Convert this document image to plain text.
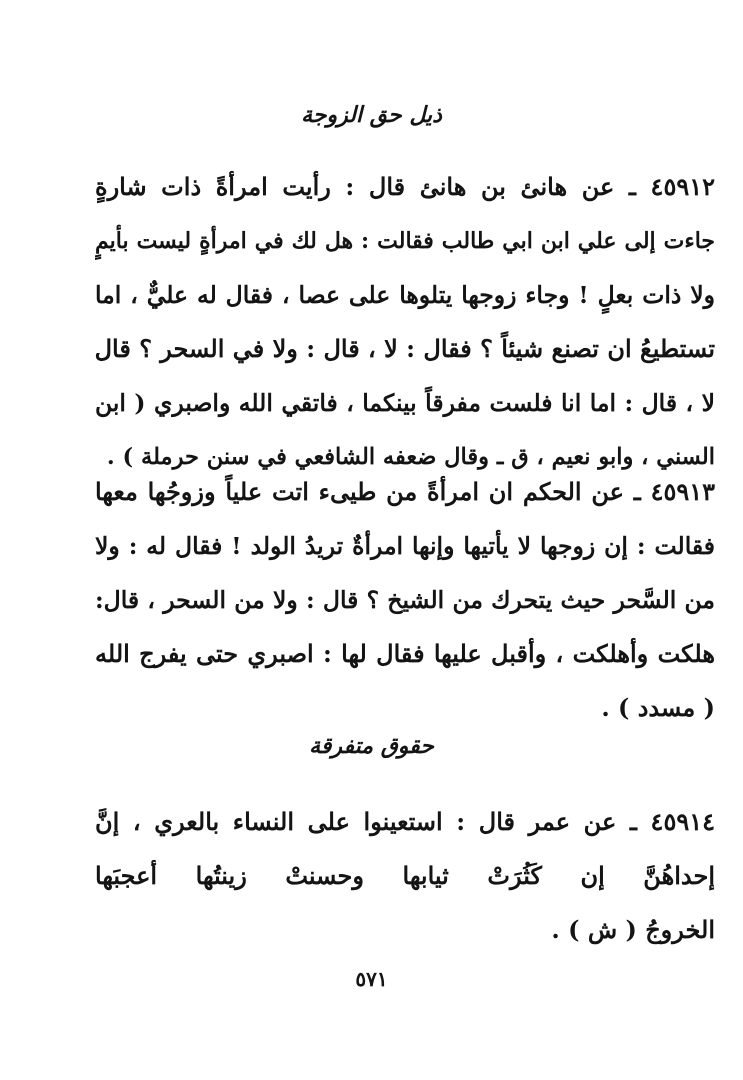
ذيل حق الزوجة
٤٥٩١٢ ـ عن هانئ بن هانئ قال : رأيت امرأةً ذات شارةٍ
جاءت إلى علي ابن ابي طالب فقالت : هل لك في امرأةٍ ليست بأيمٍ
ولا ذات بعلٍ ! وجاء زوجها يتلوها على عصا ، فقال له عليٌّ ، اما
تستطيعُ ان تصنع شيئاً ؟ فقال : لا ، قال : ولا في السحر ؟ قال
لا ، قال : اما انا فلست مفرقاً بينكما ، فاتقي الله واصبري ( ابن
السني ، وابو نعيم ، ق ـ وقال ضعفه الشافعي في سنن حرملة ) .
٤٥٩١٣ ـ عن الحكم ان امرأةً من طيىء اتت علياً وزوجُها معها
فقالت : إن زوجها لا يأتيها وإنها امرأةٌ تريدُ الولد ! فقال له : ولا
من السَّحر حيث يتحرك من الشيخ ؟ قال : ولا من السحر ، قال:
هلكت وأهلكت ، وأقبل عليها فقال لها : اصبري حتى يفرج الله
( مسدد ) .
حقوق متفرقة
٤٥٩١٤ ـ عن عمر قال : استعينوا على النساء بالعري ، إنَّ
إحداهُنَّ إن كَثُرَتْ ثيابها وحسنتْ زينتُها أعجبَها
الخروجُ ( ش ) .
٥٧١
